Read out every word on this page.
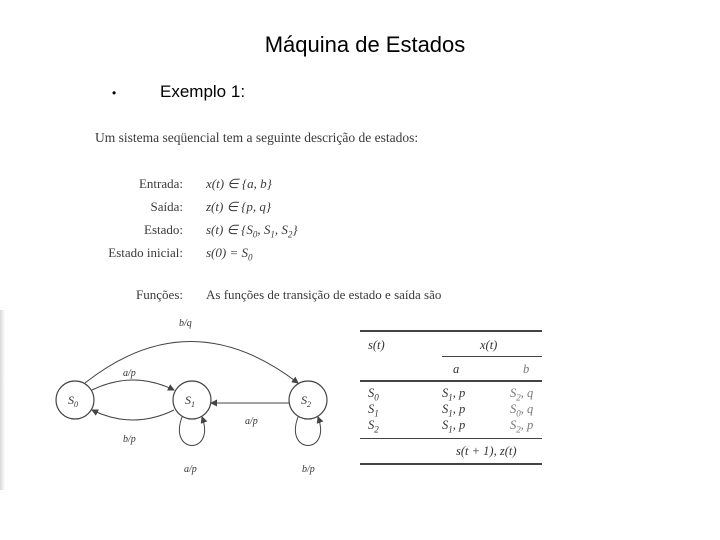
Máquina de Estados
•	Exemplo 1:
Um sistema seqüencial tem a seguinte descrição de estados:
Entrada: x(t) ∈ {a, b}
Saída: z(t) ∈ {p, q}
Estado: s(t) ∈ {$S_0$, $S_1$, $S_2$}
Estado inicial: $s(0) = S_0$
Funções: As funções de transição de estado e saída são
$S_0$	$S_1$	$S_2$
b/q
a/p
b/p
a/p
a/p	b/p
s(t)	x(t)
a	b
$S_0$	$S_1$, p	$S_2$, q
$S_1$	$S_1$, p	$S_0$, q
$S_2$	$S_1$, p	$S_2$, p
s(t + 1), z(t)
